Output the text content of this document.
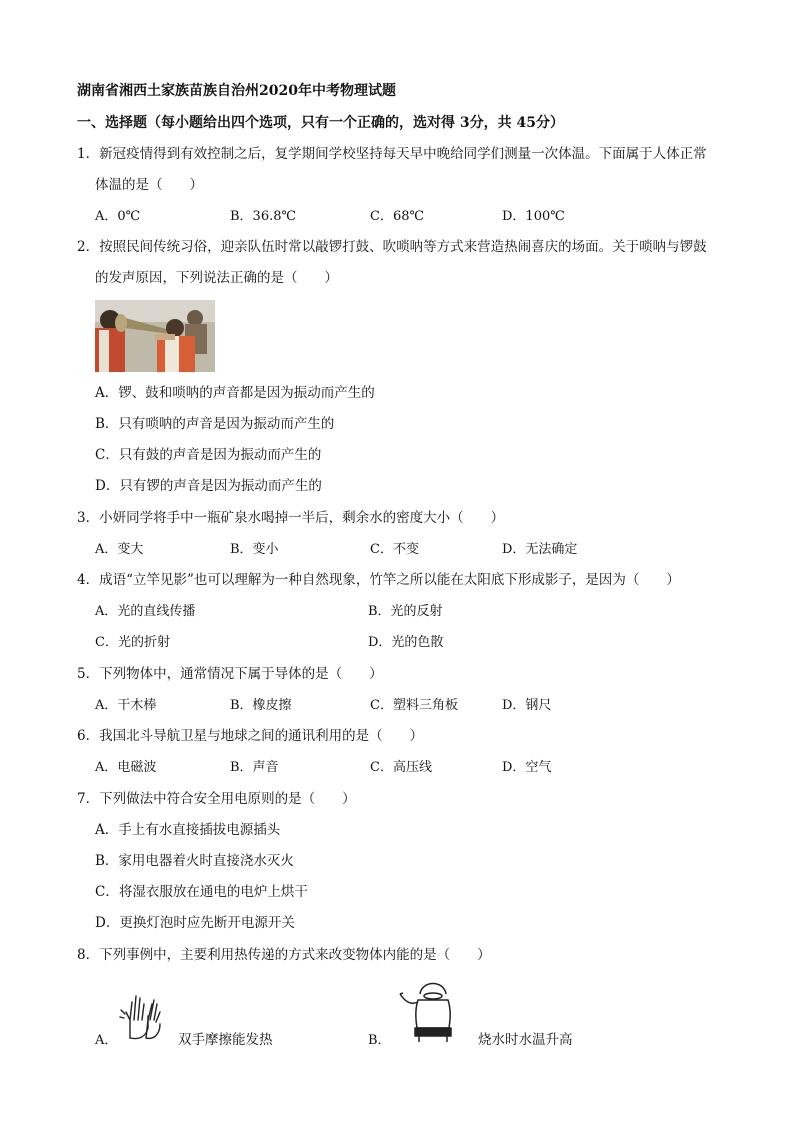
湖南省湘西土家族苗族自治州2020年中考物理试题
一、选择题（每小题给出四个选项，只有一个正确的，选对得 3分，共 45分）
1．新冠疫情得到有效控制之后，复学期间学校坚持每天早中晚给同学们测量一次体温。下面属于人体正常
体温的是（　　）
A．0℃	B．36.8℃	C．68℃	D．100℃
2．按照民间传统习俗，迎亲队伍时常以敲锣打鼓、吹唢呐等方式来营造热闹喜庆的场面。关于唢呐与锣鼓
的发声原因，下列说法正确的是（　　）
A．锣、鼓和唢呐的声音都是因为振动而产生的
B．只有唢呐的声音是因为振动而产生的
C．只有鼓的声音是因为振动而产生的
D．只有锣的声音是因为振动而产生的
3．小妍同学将手中一瓶矿泉水喝掉一半后，剩余水的密度大小（　　）
A．变大	B．变小	C．不变	D．无法确定
4．成语“立竿见影”也可以理解为一种自然现象，竹竿之所以能在太阳底下形成影子，是因为（　　）
A．光的直线传播	B．光的反射
C．光的折射	D．光的色散
5．下列物体中，通常情况下属于导体的是（　　）
A．干木棒	B．橡皮擦	C．塑料三角板	D．钢尺
6．我国北斗导航卫星与地球之间的通讯利用的是（　　）
A．电磁波	B．声音	C．高压线	D．空气
7．下列做法中符合安全用电原则的是（　　）
A．手上有水直接插拔电源插头
B．家用电器着火时直接浇水灭火
C．将湿衣服放在通电的电炉上烘干
D．更换灯泡时应先断开电源开关
8．下列事例中，主要利用热传递的方式来改变物体内能的是（　　）
A．	双手摩擦能发热	B．	烧水时水温升高
